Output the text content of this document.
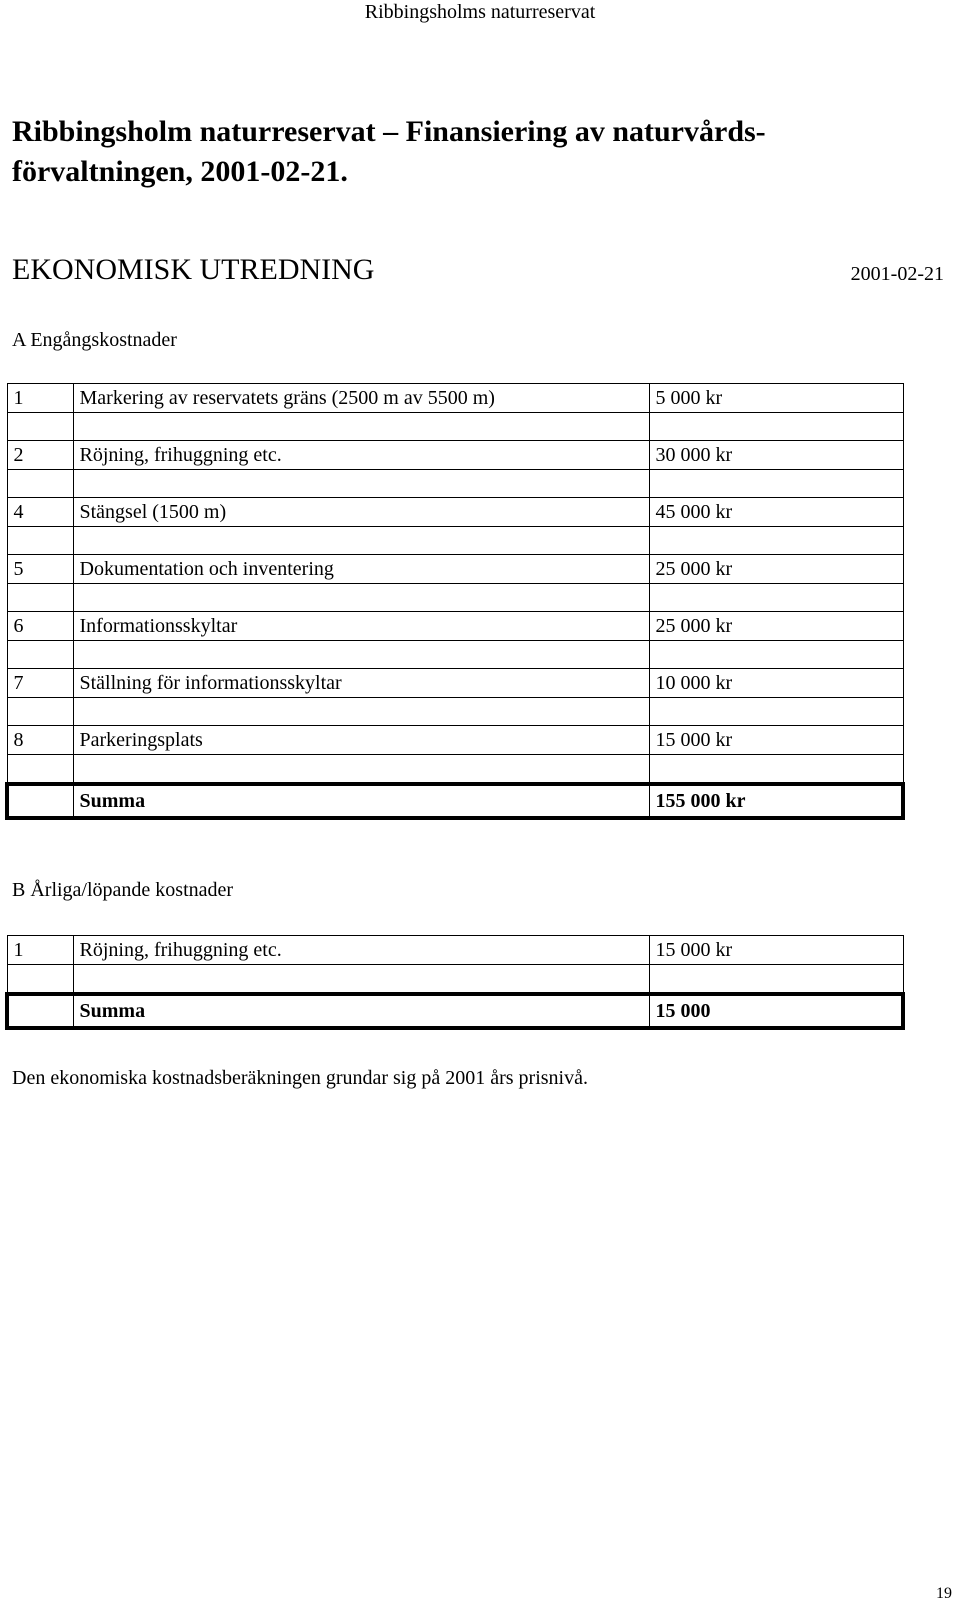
Ribbingsholms naturreservat
Ribbingsholm naturreservat – Finansiering av naturvårds-förvaltningen, 2001-02-21.
EKONOMISK UTREDNING	2001-02-21
A Engångskostnader
1	Markering av reservatets gräns (2500 m av 5500 m)	5 000 kr

2	Röjning, frihuggning etc.	30 000 kr

4	Stängsel (1500 m)	45 000 kr

5	Dokumentation och inventering	25 000 kr

6	Informationsskyltar	25 000 kr

7	Ställning för informationsskyltar	10 000 kr

8	Parkeringsplats	15 000 kr

	Summa	155 000 kr
B Årliga/löpande kostnader
1	Röjning, frihuggning etc.	15 000 kr

	Summa	15 000
Den ekonomiska kostnadsberäkningen grundar sig på 2001 års prisnivå.
19
